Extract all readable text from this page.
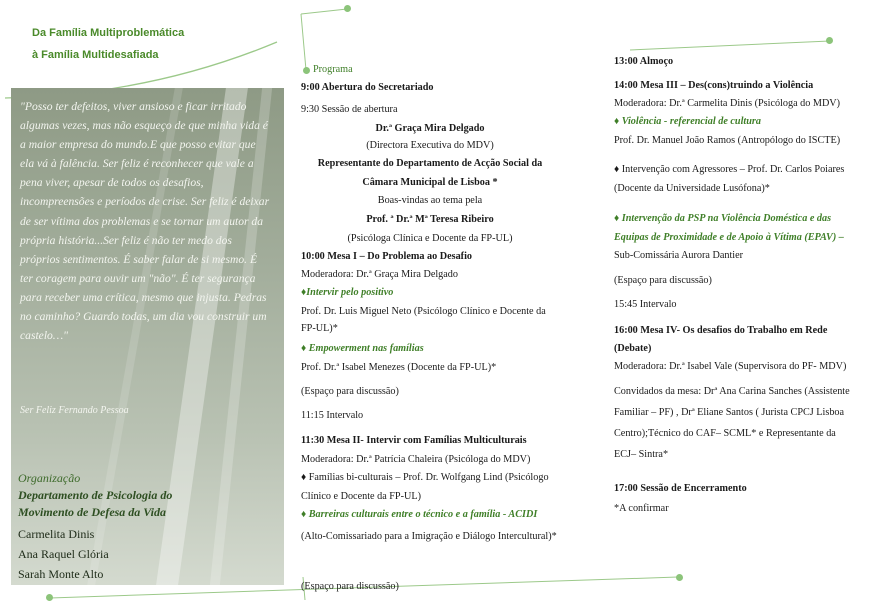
Da Família Multiproblemática
à Família Multidesafiada
"Posso ter defeitos, viver ansioso e ficar irritado algumas vezes, mas não esqueço de que minha vida é a maior empresa do mundo.E que posso evitar que ela vá à falência. Ser feliz é reconhecer que vale a pena viver, apesar de todos os desafios, incompreensões e períodos de crise. Ser feliz é deixar de ser vítima dos problemas e se tornar um autor da própria história...Ser feliz é não ter medo dos próprios sentimentos. É saber falar de si mesmo. É ter coragem para ouvir um "não". É ter segurança para receber uma crítica, mesmo que injusta. Pedras no caminho? Guardo todas, um dia vou construir um castelo…"
Ser Feliz Fernando Pessoa
Organização
Departamento de Psicologia do Movimento de Defesa da Vida
Carmelita Dinis
Ana Raquel Glória
Sarah Monte Alto
Programa
9:00 Abertura do Secretariado
9:30 Sessão de abertura
Dr.ª Graça Mira Delgado
(Directora Executiva do MDV)
Representante do Departamento de Acção Social da
Câmara Municipal de Lisboa *
Boas-vindas ao tema pela
Prof. ª Dr.ª Mª Teresa Ribeiro
(Psicóloga Clínica e Docente da FP-UL)
10:00 Mesa I – Do Problema ao Desafio
Moderadora: Dr.ª Graça Mira Delgado
♦Intervir pelo positivo
Prof. Dr. Luis Miguel Neto (Psicólogo Clínico e Docente da
FP-UL)*
♦ Empowerment nas famílias
Prof. Dr.ª Isabel Menezes (Docente da FP-UL)*
(Espaço para discussão)
11:15 Intervalo
11:30 Mesa II- Intervir com Famílias Multiculturais
Moderadora: Dr.ª Patrícia Chaleira (Psicóloga do MDV)
♦ Famílias bi-culturais – Prof. Dr. Wolfgang Lind (Psicólogo
Clínico e Docente da FP-UL)
♦ Barreiras culturais entre o técnico e a família - ACIDI
(Alto-Comissariado para a Imigração e Diálogo Intercultural)*
(Espaço para discussão)
13:00 Almoço
14:00 Mesa III – Des(cons)truindo a Violência
Moderadora: Dr.ª Carmelita Dinis (Psicóloga do MDV)
♦ Violência - referencial de cultura
Prof. Dr. Manuel João Ramos (Antropólogo do ISCTE)
♦ Intervenção com Agressores – Prof. Dr. Carlos Poiares
(Docente da Universidade Lusófona)*
♦ Intervenção da PSP na Violência Doméstica e das
Equipas de Proximidade e de Apoio à Vítima (EPAV) –
Sub-Comissária Aurora Dantier
(Espaço para discussão)
15:45 Intervalo
16:00 Mesa IV- Os desafios do Trabalho em Rede
(Debate)
Moderadora: Dr.ª Isabel Vale (Supervisora do PF- MDV)
Convidados da mesa: Drª Ana Carina Sanches (Assistente
Familiar – PF) , Drª Eliane Santos ( Jurista CPCJ Lisboa
Centro);Técnico do CAF– SCML* e Representante da
ECJ– Sintra*
17:00 Sessão de Encerramento
*A confirmar
